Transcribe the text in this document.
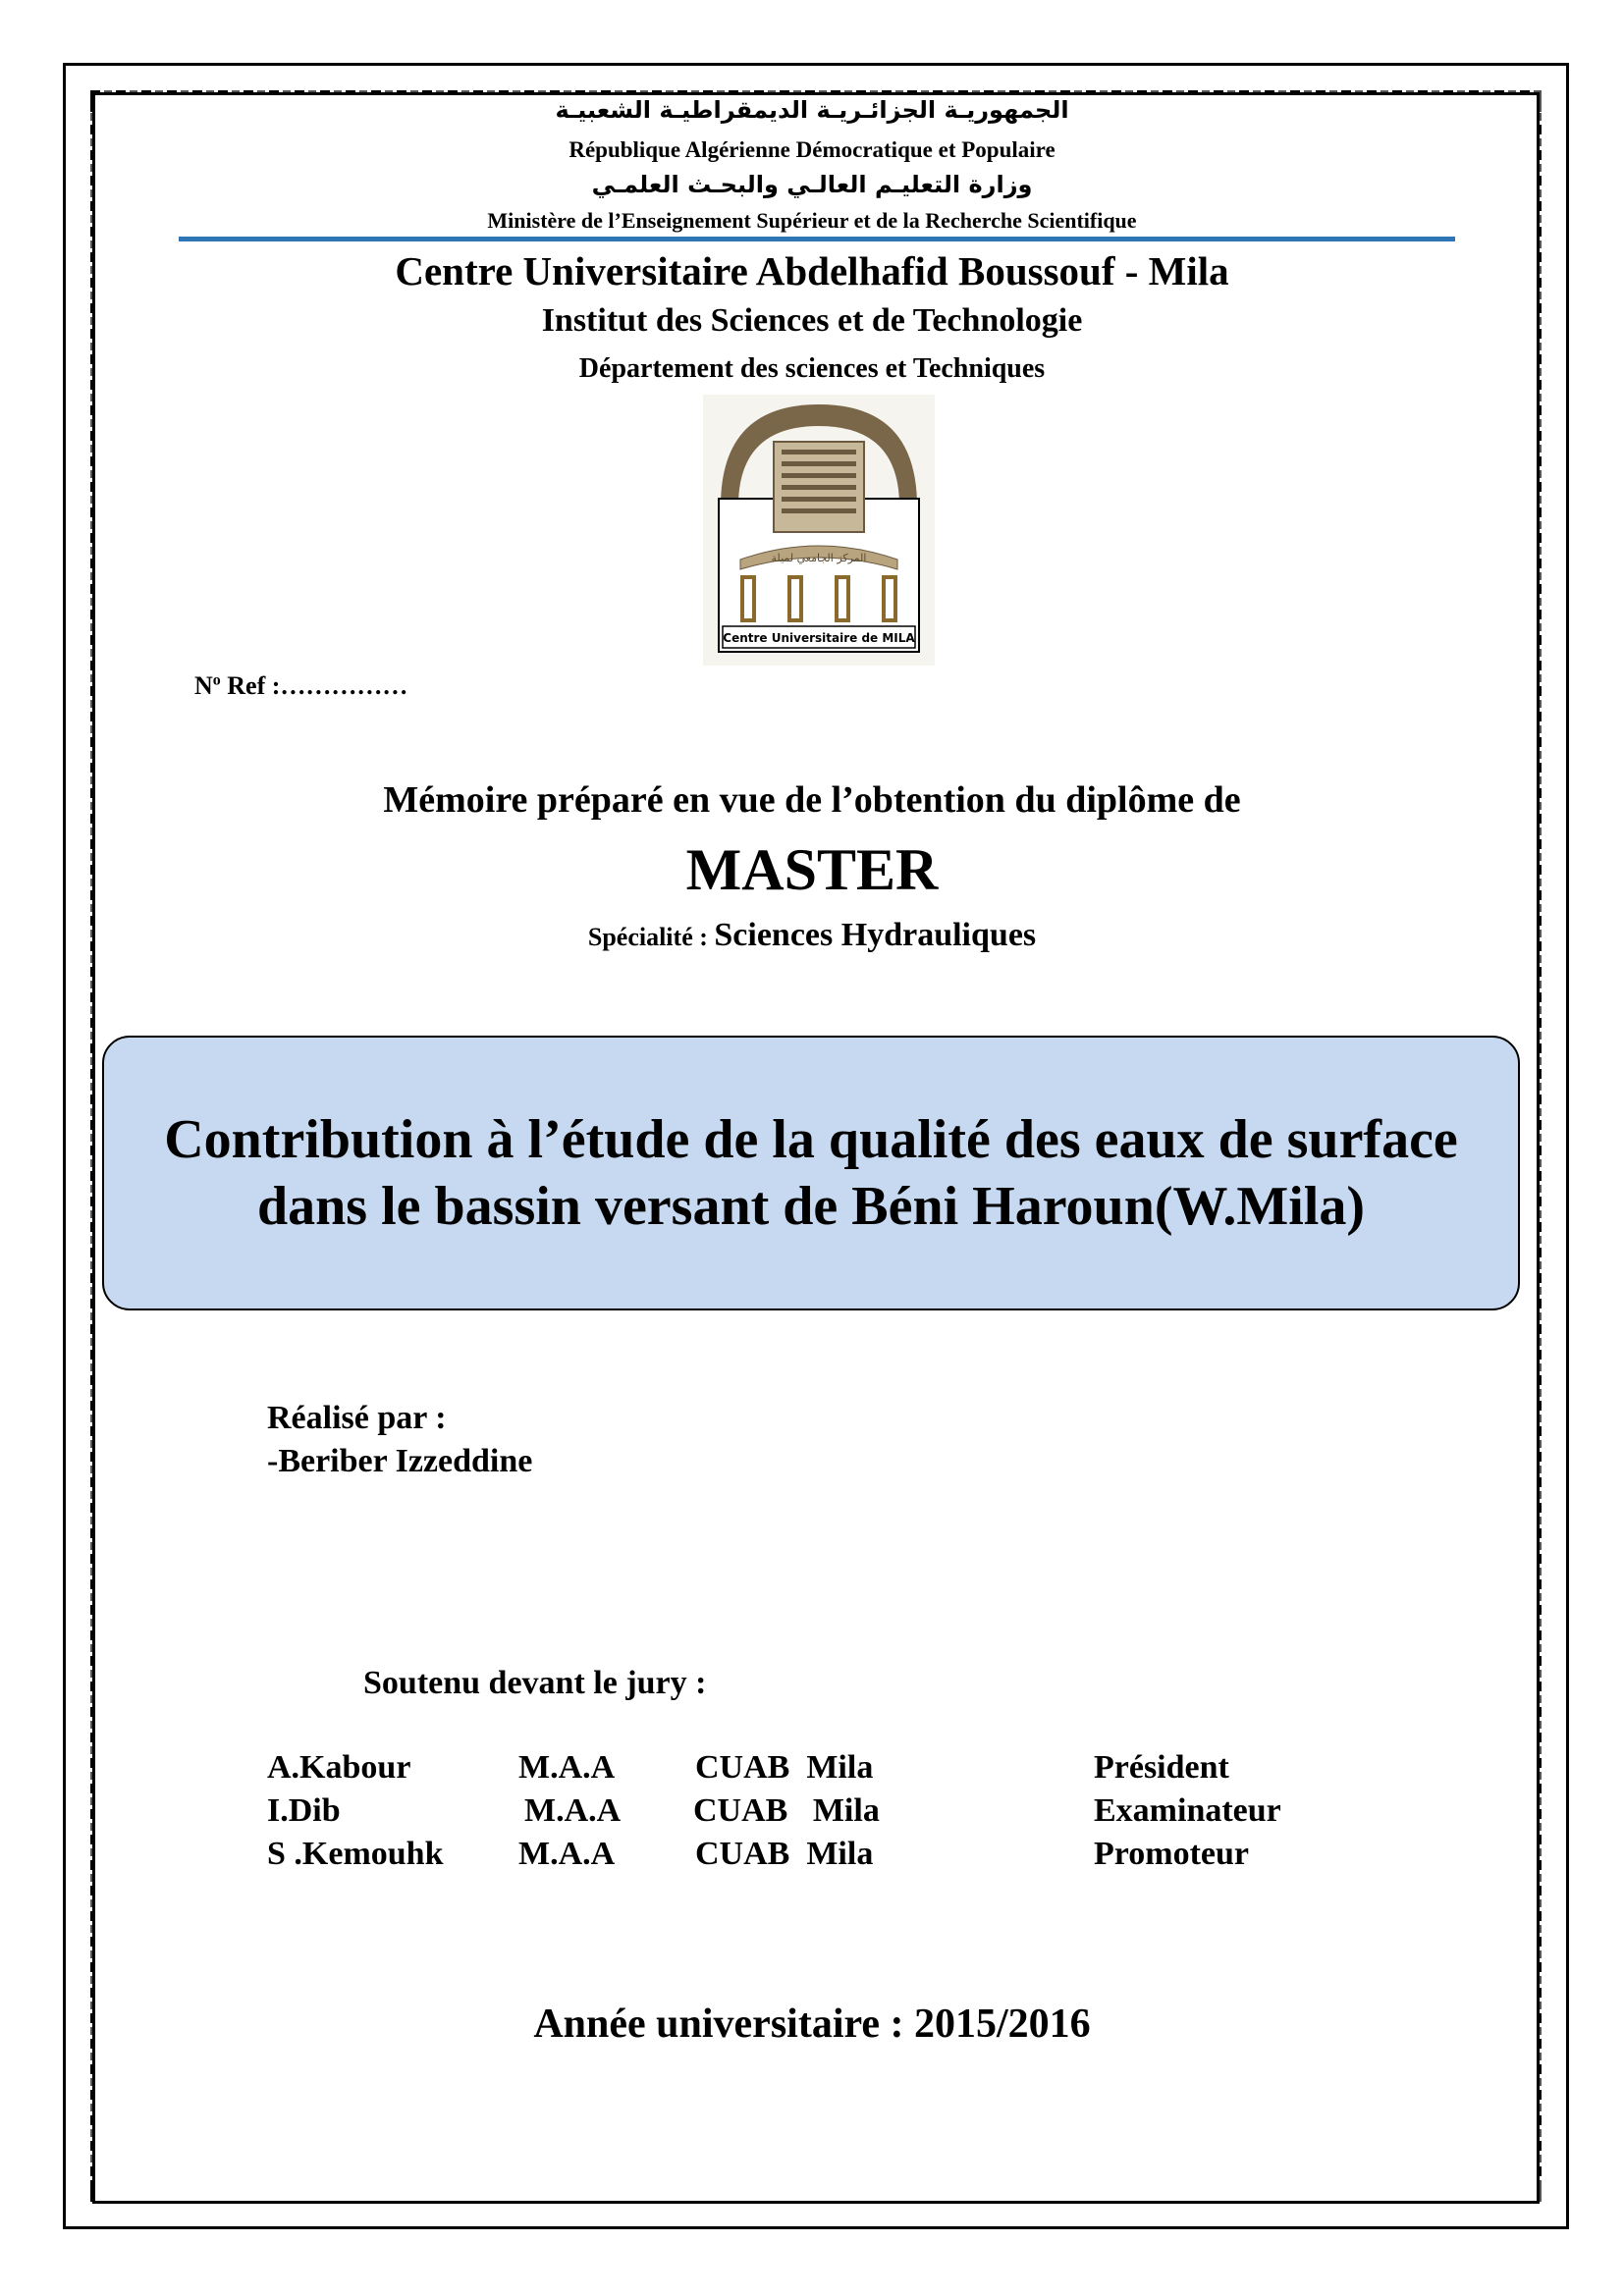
الجمهوريـة الجزائـريـة الديمقراطيـة الشعبيـة
République Algérienne Démocratique et Populaire
وزارة التعليـم العالـي والبحـث العلمـي
Ministère de l’Enseignement Supérieur et de la Recherche Scientifique
Centre Universitaire Abdelhafid Boussouf - Mila
Institut des Sciences et de Technologie
Département des sciences et Techniques
المركز الجامعي لميلة
Centre Universitaire de MILA
$N^o$ Ref :……………
Mémoire préparé en vue de l’obtention du diplôme de
MASTER
Spécialité : Sciences Hydrauliques
Contribution à l’étude de la qualité des eaux de surface dans le bassin versant de Béni Haroun(W.Mila)
Réalisé par :
-Beriber Izzeddine
Soutenu devant le jury :
A.Kabour	M.A.A CUAB  Mila	Président
I.Dib	M.A.A CUAB   Mila	Examinateur
S .Kemouhk M.A.A CUAB  Mila	Promoteur
Année universitaire : 2015/2016
